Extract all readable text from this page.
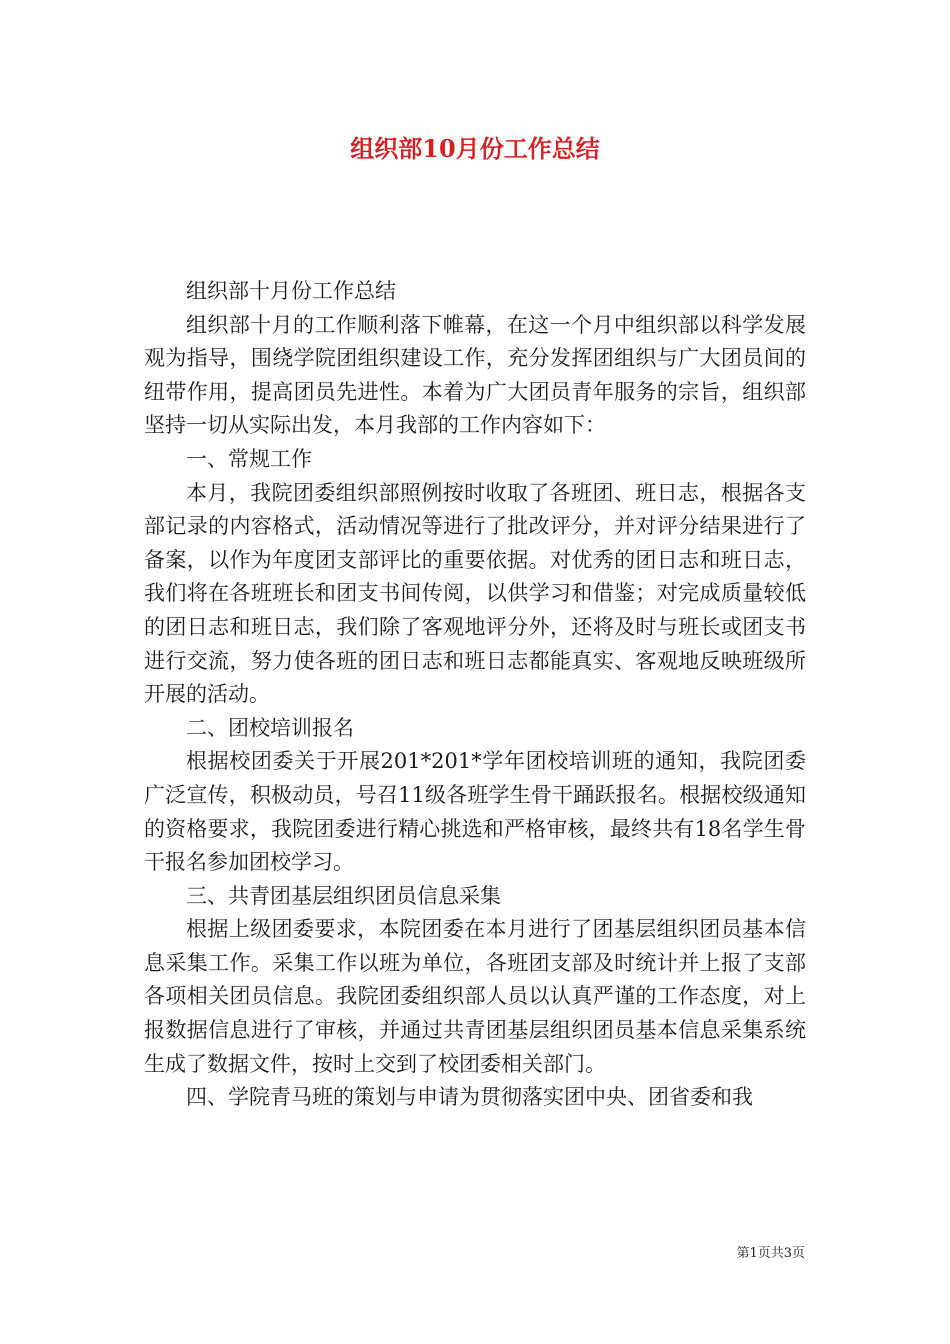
组织部10月份工作总结

组织部十月份工作总结

组织部十月的工作顺利落下帷幕，在这一个月中组织部以科学发展观为指导，围绕学院团组织建设工作，充分发挥团组织与广大团员间的纽带作用，提高团员先进性。本着为广大团员青年服务的宗旨，组织部坚持一切从实际出发，本月我部的工作内容如下：

一、常规工作

本月，我院团委组织部照例按时收取了各班团、班日志，根据各支部记录的内容格式，活动情况等进行了批改评分，并对评分结果进行了备案，以作为年度团支部评比的重要依据。对优秀的团日志和班日志，我们将在各班班长和团支书间传阅，以供学习和借鉴；对完成质量较低的团日志和班日志，我们除了客观地评分外，还将及时与班长或团支书进行交流，努力使各班的团日志和班日志都能真实、客观地反映班级所开展的活动。

二、团校培训报名

根据校团委关于开展201*201*学年团校培训班的通知，我院团委广泛宣传，积极动员，号召11级各班学生骨干踊跃报名。根据校级通知的资格要求，我院团委进行精心挑选和严格审核，最终共有18名学生骨干报名参加团校学习。

三、共青团基层组织团员信息采集

根据上级团委要求，本院团委在本月进行了团基层组织团员基本信息采集工作。采集工作以班为单位，各班团支部及时统计并上报了支部各项相关团员信息。我院团委组织部人员以认真严谨的工作态度，对上报数据信息进行了审核，并通过共青团基层组织团员基本信息采集系统生成了数据文件，按时上交到了校团委相关部门。

四、学院青马班的策划与申请为贯彻落实团中央、团省委和我

第1页共3页
